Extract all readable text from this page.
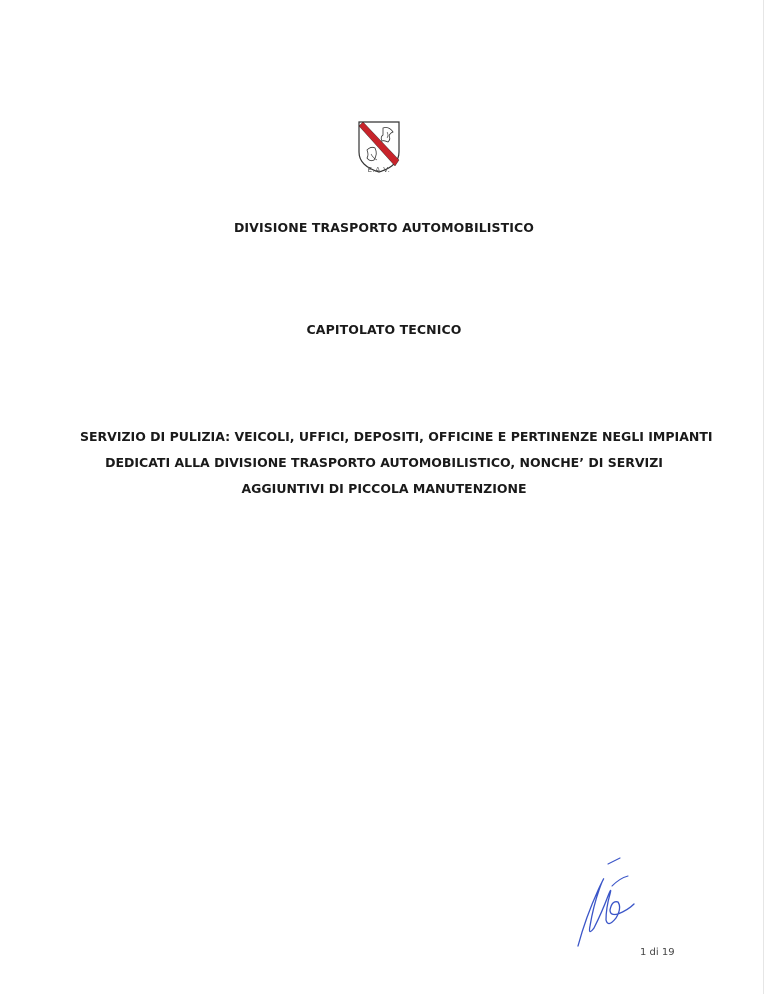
E.A.V.
DIVISIONE TRASPORTO AUTOMOBILISTICO
CAPITOLATO TECNICO
SERVIZIO DI PULIZIA: VEICOLI, UFFICI, DEPOSITI, OFFICINE E PERTINENZE NEGLI IMPIANTI
DEDICATI ALLA DIVISIONE TRASPORTO AUTOMOBILISTICO, NONCHE’ DI SERVIZI
AGGIUNTIVI DI PICCOLA MANUTENZIONE
1 di 19
